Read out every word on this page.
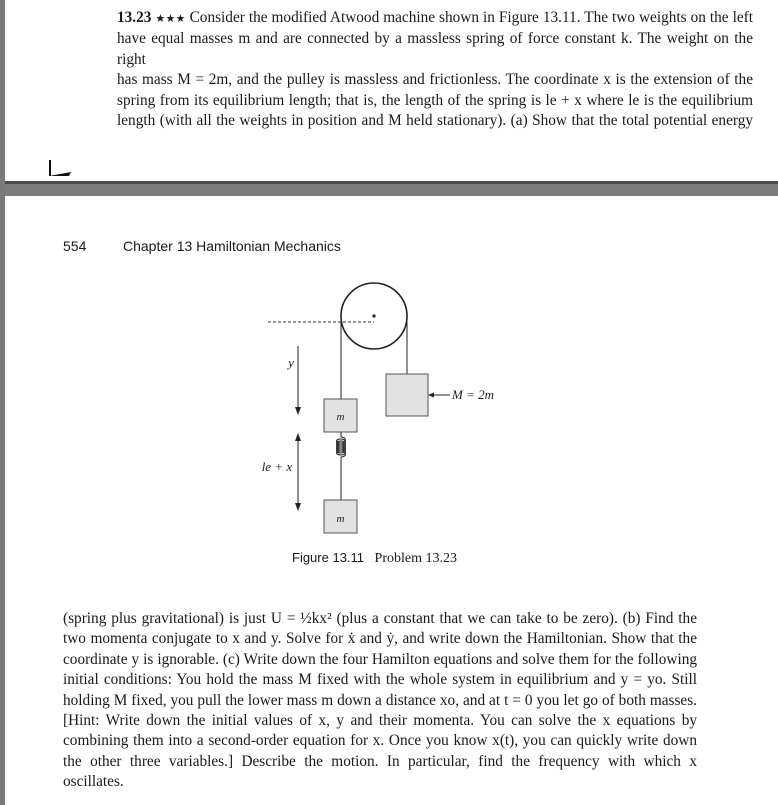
13.23 ★★★ Consider the modified Atwood machine shown in Figure 13.11. The two weights on the left
have equal masses m and are connected by a massless spring of force constant k. The weight on the right
has mass M = 2m, and the pulley is massless and frictionless. The coordinate x is the extension of the
spring from its equilibrium length; that is, the length of the spring is le + x where le is the equilibrium
length (with all the weights in position and M held stationary). (a) Show that the total potential energy
554	Chapter 13 Hamiltonian Mechanics
m
m
M = 2m
y
le + x
Figure 13.11 Problem 13.23
(spring plus gravitational) is just U = ½kx² (plus a constant that we can take to be zero). (b) Find the
two momenta conjugate to x and y. Solve for ẋ and ẏ, and write down the Hamiltonian. Show that the
coordinate y is ignorable. (c) Write down the four Hamilton equations and solve them for the following
initial conditions: You hold the mass M fixed with the whole system in equilibrium and y = yo. Still
holding M fixed, you pull the lower mass m down a distance xo, and at t = 0 you let go of both masses.
[Hint: Write down the initial values of x, y and their momenta. You can solve the x equations by
combining them into a second-order equation for x. Once you know x(t), you can quickly write down
the other three variables.] Describe the motion. In particular, find the frequency with which x oscillates.
